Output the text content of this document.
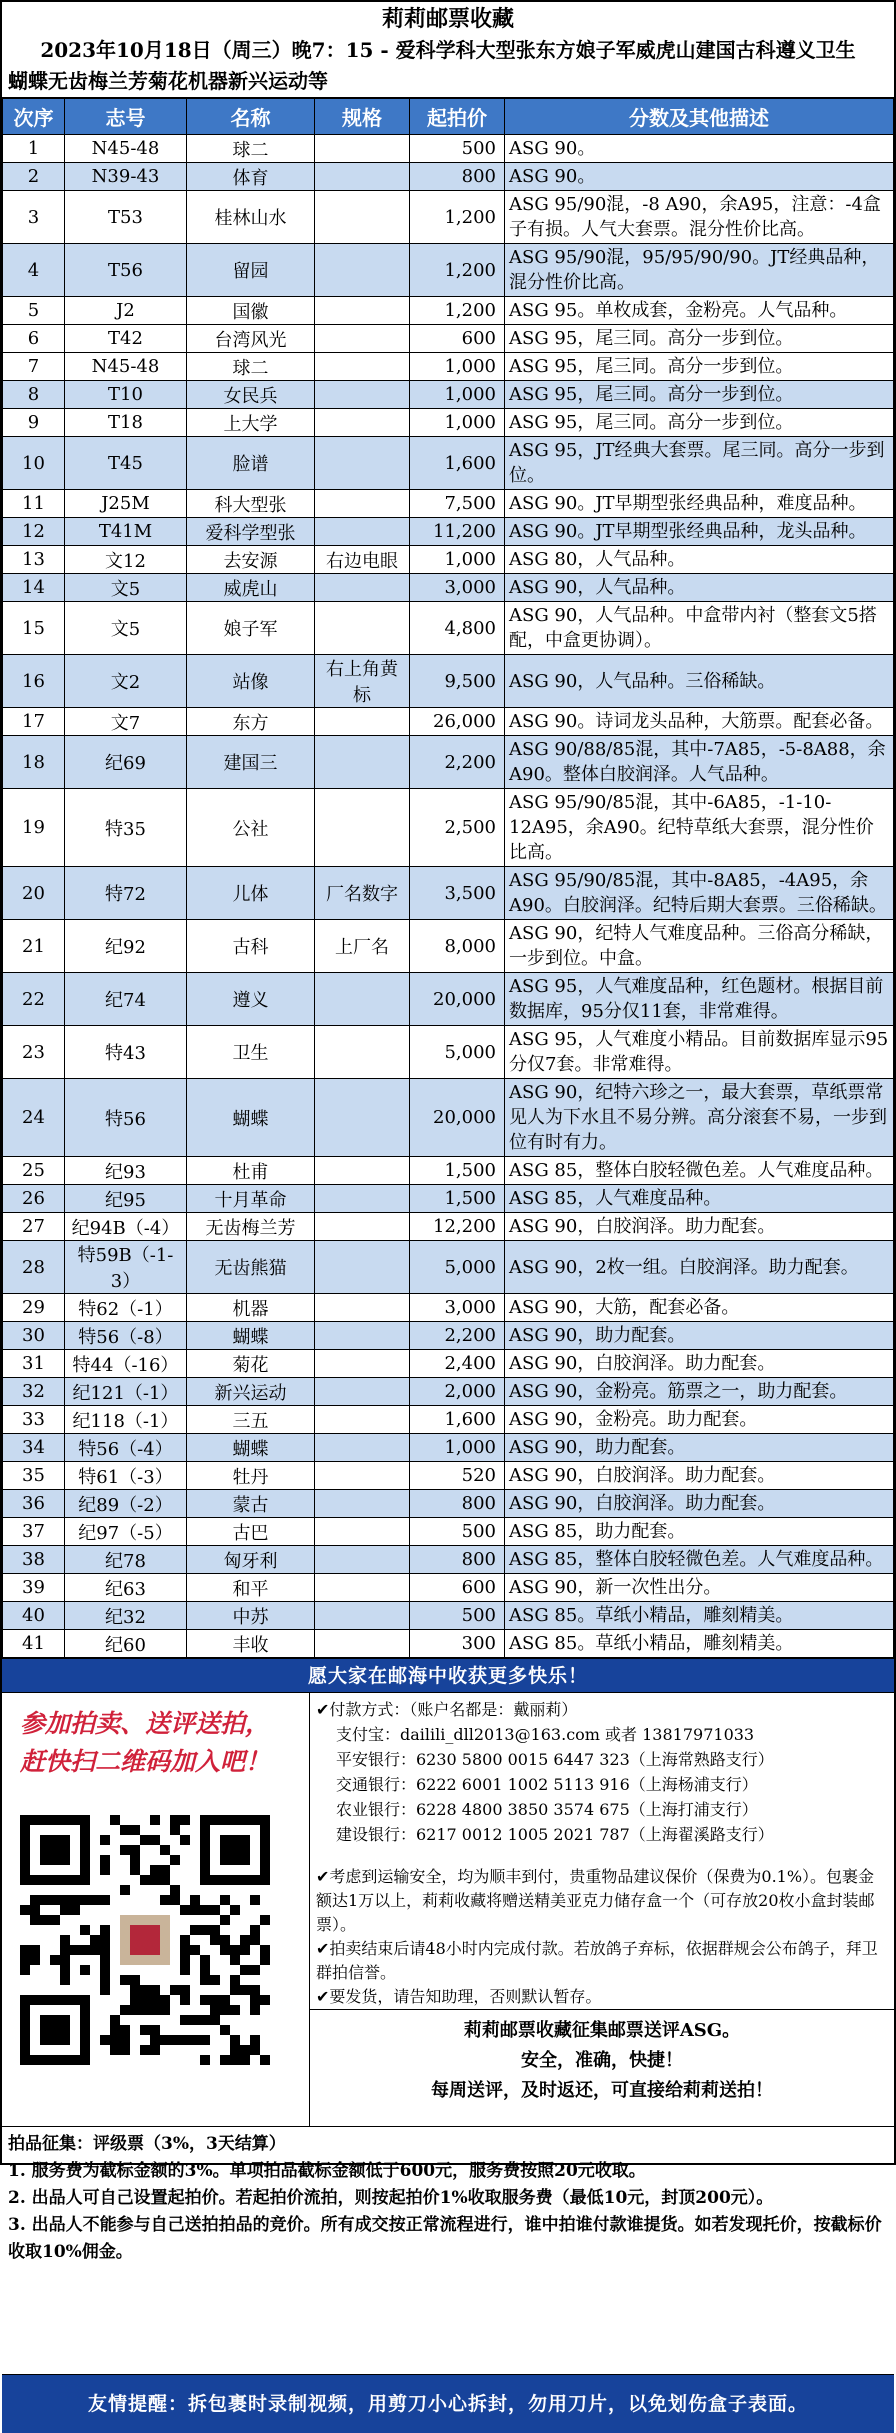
莉莉邮票收藏
2023年10月18日（周三）晚7：15 - 爱科学科大型张东方娘子军威虎山建国古科遵义卫生
蝴蝶无齿梅兰芳菊花机器新兴运动等
次序	志号	名称	规格	起拍价	分数及其他描述
1	N45-48	球二		500	ASG 90。
2	N39-43	体育		800	ASG 90。
3	T53	桂林山水		1,200	ASG 95/90混，-8 A90，余A95，注意：-4盒子有损。人气大套票。混分性价比高。
4	T56	留园		1,200	ASG 95/90混，95/95/90/90。JT经典品种，混分性价比高。
5	J2	国徽		1,200	ASG 95。单枚成套，金粉亮。人气品种。
6	T42	台湾风光		600	ASG 95，尾三同。高分一步到位。
7	N45-48	球二		1,000	ASG 95，尾三同。高分一步到位。
8	T10	女民兵		1,000	ASG 95，尾三同。高分一步到位。
9	T18	上大学		1,000	ASG 95，尾三同。高分一步到位。
10	T45	脸谱		1,600	ASG 95，JT经典大套票。尾三同。高分一步到位。
11	J25M	科大型张		7,500	ASG 90。JT早期型张经典品种，难度品种。
12	T41M	爱科学型张		11,200	ASG 90。JT早期型张经典品种，龙头品种。
13	文12	去安源	右边电眼	1,000	ASG 80，人气品种。
14	文5	威虎山		3,000	ASG 90，人气品种。
15	文5	娘子军		4,800	ASG 90，人气品种。中盒带内衬（整套文5搭配，中盒更协调）。
16	文2	站像	右上角黄标	9,500	ASG 90，人气品种。三俗稀缺。
17	文7	东方		26,000	ASG 90。诗词龙头品种，大筋票。配套必备。
18	纪69	建国三		2,200	ASG 90/88/85混，其中-7A85，-5-8A88，余A90。整体白胶润泽。人气品种。
19	特35	公社		2,500	ASG 95/90/85混，其中-6A85，-1-10-12A95，余A90。纪特草纸大套票，混分性价比高。
20	特72	儿体	厂名数字	3,500	ASG 95/90/85混，其中-8A85，-4A95，余A90。白胶润泽。纪特后期大套票。三俗稀缺。
21	纪92	古科	上厂名	8,000	ASG 90，纪特人气难度品种。三俗高分稀缺，一步到位。中盒。
22	纪74	遵义		20,000	ASG 95，人气难度品种，红色题材。根据目前数据库，95分仅11套，非常难得。
23	特43	卫生		5,000	ASG 95，人气难度小精品。目前数据库显示95分仅7套。非常难得。
24	特56	蝴蝶		20,000	ASG 90，纪特六珍之一，最大套票，草纸票常见人为下水且不易分辨。高分滚套不易，一步到位有时有力。
25	纪93	杜甫		1,500	ASG 85，整体白胶轻微色差。人气难度品种。
26	纪95	十月革命		1,500	ASG 85，人气难度品种。
27	纪94B（-4）	无齿梅兰芳		12,200	ASG 90，白胶润泽。助力配套。
28	特59B（-1-3）	无齿熊猫		5,000	ASG 90，2枚一组。白胶润泽。助力配套。
29	特62（-1）	机器		3,000	ASG 90，大筋，配套必备。
30	特56（-8）	蝴蝶		2,200	ASG 90，助力配套。
31	特44（-16）	菊花		2,400	ASG 90，白胶润泽。助力配套。
32	纪121（-1）	新兴运动		2,000	ASG 90，金粉亮。筋票之一，助力配套。
33	纪118（-1）	三五		1,600	ASG 90，金粉亮。助力配套。
34	特56（-4）	蝴蝶		1,000	ASG 90，助力配套。
35	特61（-3）	牡丹		520	ASG 90，白胶润泽。助力配套。
36	纪89（-2）	蒙古		800	ASG 90，白胶润泽。助力配套。
37	纪97（-5）	古巴		500	ASG 85，助力配套。
38	纪78	匈牙利		800	ASG 85，整体白胶轻微色差。人气难度品种。
39	纪63	和平		600	ASG 90，新一次性出分。
40	纪32	中苏		500	ASG 85。草纸小精品，雕刻精美。
41	纪60	丰收		300	ASG 85。草纸小精品，雕刻精美。
愿大家在邮海中收获更多快乐！
参加拍卖、送评送拍，
赶快扫二维码加入吧！
✔付款方式：（账户名都是：戴丽莉）
支付宝：dailili_dll2013@163.com 或者 13817971033
平安银行：6230 5800 0015 6447 323（上海常熟路支行）
交通银行：6222 6001 1002 5113 916（上海杨浦支行）
农业银行：6228 4800 3850 3574 675（上海打浦支行）
建设银行：6217 0012 1005 2021 787（上海翟溪路支行）
✔考虑到运输安全，均为顺丰到付，贵重物品建议保价（保费为0.1%）。包裹金额达1万以上，莉莉收藏将赠送精美亚克力储存盒一个（可存放20枚小盒封装邮票）。
✔拍卖结束后请48小时内完成付款。若放鸽子弃标，依据群规会公布鸽子，拜卫群拍信誉。
✔要发货，请告知助理，否则默认暂存。
莉莉邮票收藏征集邮票送评ASG。
安全，准确，快捷！
每周送评，及时返还，可直接给莉莉送拍！
拍品征集：评级票（3%，3天结算）
1. 服务费为截标金额的3%。单项拍品截标金额低于600元，服务费按照20元收取。
2. 出品人可自己设置起拍价。若起拍价流拍，则按起拍价1%收取服务费（最低10元，封顶200元）。
3. 出品人不能参与自己送拍拍品的竞价。所有成交按正常流程进行，谁中拍谁付款谁提货。如若发现托价，按截标价收取10%佣金。
友情提醒：拆包裹时录制视频，用剪刀小心拆封，勿用刀片，以免划伤盒子表面。
